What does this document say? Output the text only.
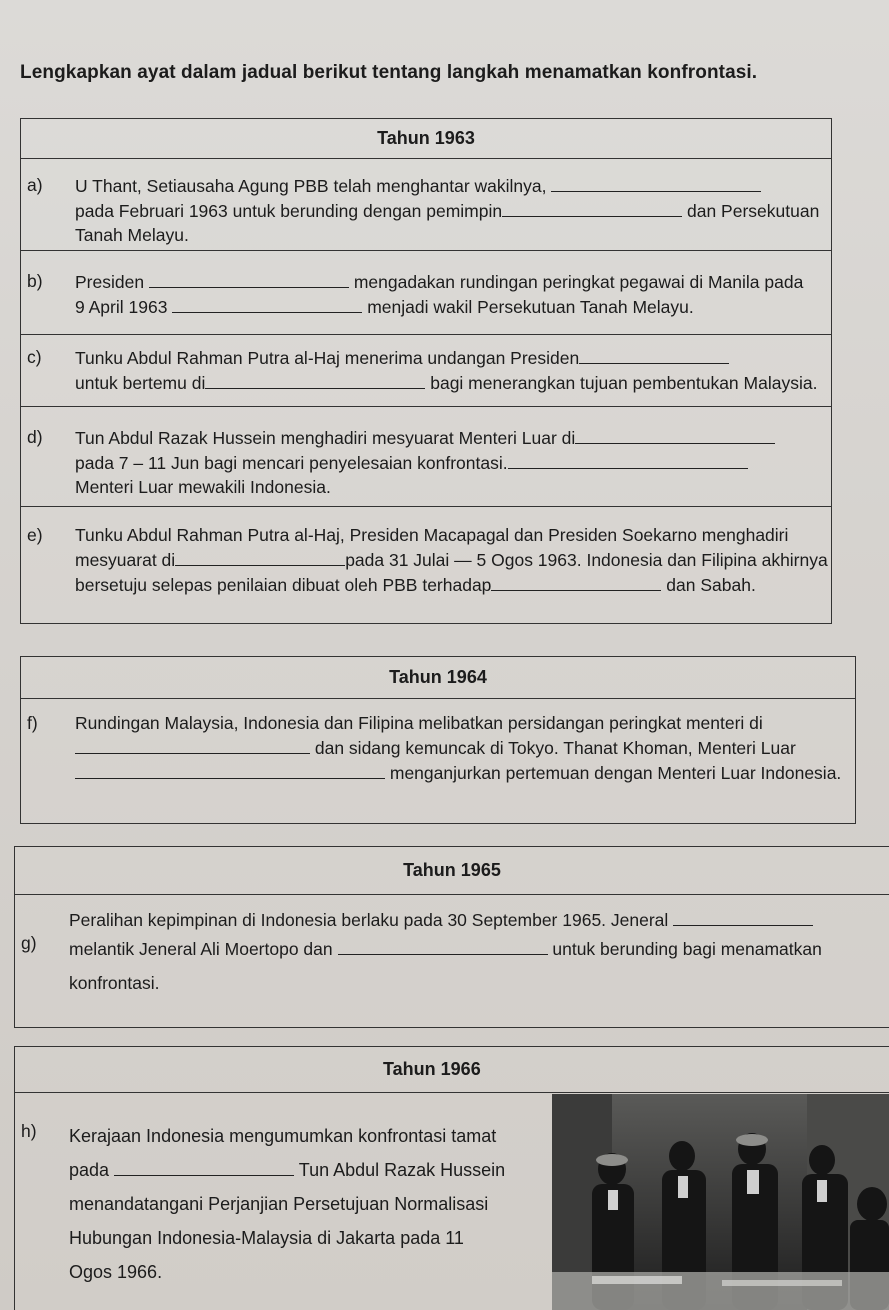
Lengkapkan ayat dalam jadual berikut tentang langkah menamatkan konfrontasi.
Tahun 1963
a) U Thant, Setiausaha Agung PBB telah menghantar wakilnya,
pada Februari 1963 untuk berunding dengan pemimpin	dan Persekutuan
Tanah Melayu.
b) Presiden	mengadakan rundingan peringkat pegawai di Manila pada
9 April 1963	menjadi wakil Persekutuan Tanah Melayu.
c) Tunku Abdul Rahman Putra al-Haj menerima undangan Presiden
untuk bertemu di	bagi menerangkan tujuan pembentukan Malaysia.
d) Tun Abdul Razak Hussein menghadiri mesyuarat Menteri Luar di
pada 7 – 11 Jun bagi mencari penyelesaian konfrontasi.
Menteri Luar mewakili Indonesia.
e) Tunku Abdul Rahman Putra al-Haj, Presiden Macapagal dan Presiden Soekarno menghadiri
mesyuarat di	pada 31 Julai — 5 Ogos 1963. Indonesia dan Filipina akhirnya
bersetuju selepas penilaian dibuat oleh PBB terhadap	dan Sabah.
Tahun 1964
f) Rundingan Malaysia, Indonesia dan Filipina melibatkan persidangan peringkat menteri di
dan sidang kemuncak di Tokyo. Thanat Khoman, Menteri Luar
menganjurkan pertemuan dengan Menteri Luar Indonesia.
Tahun 1965
g)
Peralihan kepimpinan di Indonesia berlaku pada 30 September 1965. Jeneral
melantik Jeneral Ali Moertopo dan	untuk berunding bagi menamatkan
konfrontasi.
Tahun 1966
h) Kerajaan Indonesia mengumumkan konfrontasi tamat
pada	Tun Abdul Razak Hussein
menandatangani Perjanjian Persetujuan Normalisasi
Hubungan Indonesia-Malaysia di Jakarta pada 11
Ogos 1966.
